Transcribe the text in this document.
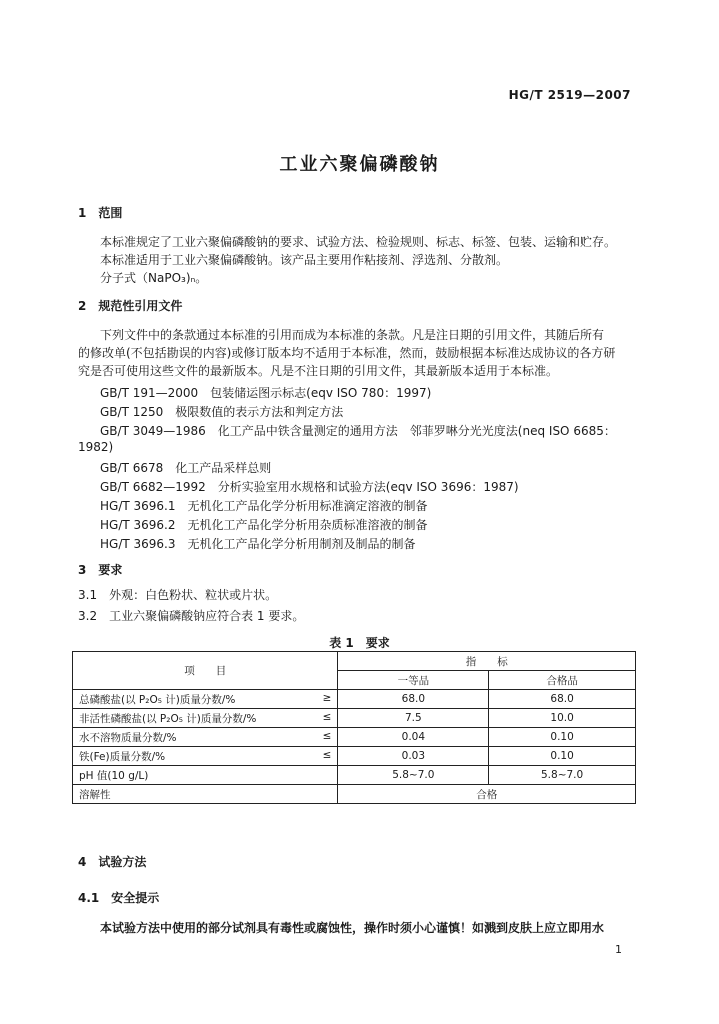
HG/T 2519—2007
工业六聚偏磷酸钠
1　范围
本标准规定了工业六聚偏磷酸钠的要求、试验方法、检验规则、标志、标签、包装、运输和贮存。
本标准适用于工业六聚偏磷酸钠。该产品主要用作粘接剂、浮选剂、分散剂。
分子式（NaPO₃)ₙ。
2　规范性引用文件
下列文件中的条款通过本标准的引用而成为本标准的条款。凡是注日期的引用文件，其随后所有
的修改单(不包括勘误的内容)或修订版本均不适用于本标准，然而，鼓励根据本标准达成协议的各方研
究是否可使用这些文件的最新版本。凡是不注日期的引用文件，其最新版本适用于本标准。
GB/T 191—2000　包装储运图示标志(eqv ISO 780：1997)
GB/T 1250　极限数值的表示方法和判定方法
GB/T 3049—1986　化工产品中铁含量测定的通用方法　邻菲罗啉分光光度法(neq ISO 6685：
1982)
GB/T 6678　化工产品采样总则
GB/T 6682—1992　分析实验室用水规格和试验方法(eqv ISO 3696：1987)
HG/T 3696.1　无机化工产品化学分析用标准滴定溶液的制备
HG/T 3696.2　无机化工产品化学分析用杂质标准溶液的制备
HG/T 3696.3　无机化工产品化学分析用制剂及制品的制备
3　要求
3.1　外观：白色粉状、粒状或片状。
3.2　工业六聚偏磷酸钠应符合表 1 要求。
表 1　要求
项　　目	指　　标	
	一等品	合格品
总磷酸盐(以 P₂O₅ 计)质量分数/% ≥	68.0	68.0
非活性磷酸盐(以 P₂O₅ 计)质量分数/% ≤	7.5	10.0
水不溶物质量分数/% ≤	0.04	0.10
铁(Fe)质量分数/% ≤	0.03	0.10
pH 值(10 g/L)	5.8~7.0	5.8~7.0
溶解性	合格	
4　试验方法
4.1　安全提示
本试验方法中使用的部分试剂具有毒性或腐蚀性，操作时须小心谨慎！如溅到皮肤上应立即用水
1
